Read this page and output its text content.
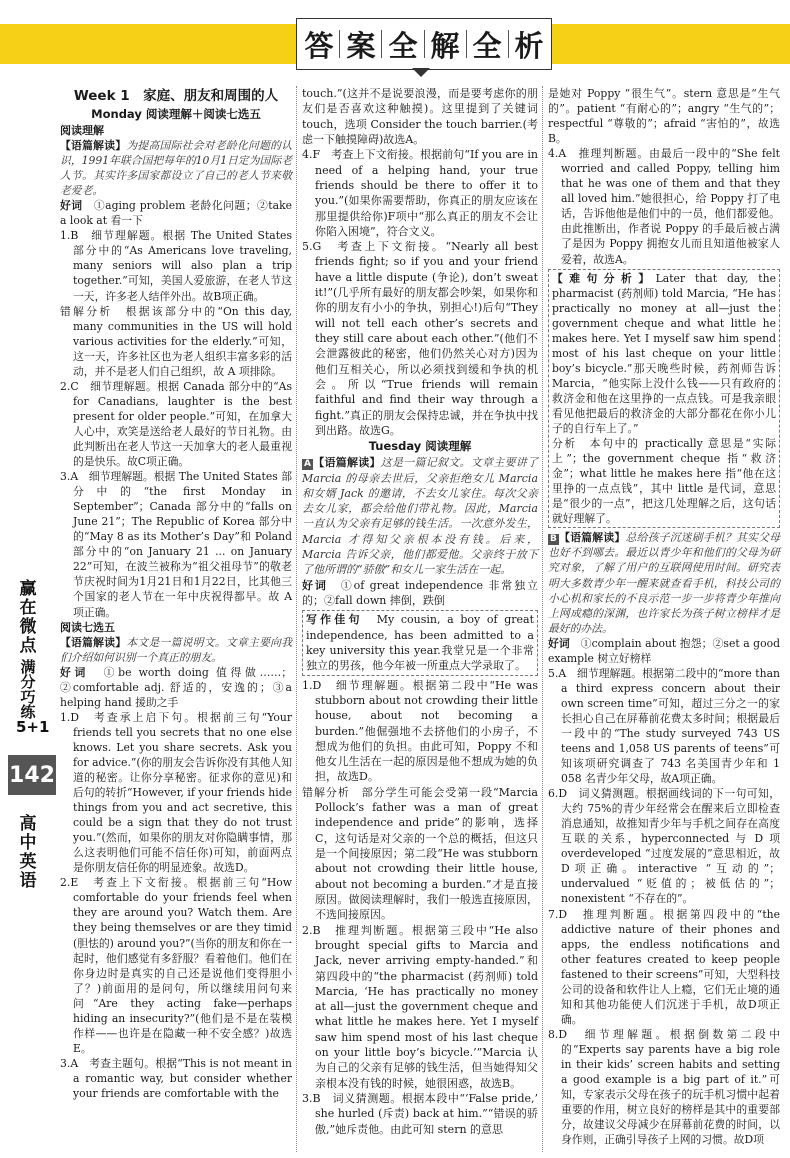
答 案 全 解 全 析
赢在微点
满分巧练5+1
142
高中英语
Week 1　家庭、朋友和周围的人
Monday 阅读理解＋阅读七选五
阅读理解
【语篇解读】为提高国际社会对老龄化问题的认识，1991年联合国把每年的10月1日定为国际老人节。其实许多国家都设立了自己的老人节来敬老爱老。
好词　 ①aging problem 老龄化问题；②take a look at 看一下
1.B　细节理解题。根据 The United States 部分中的“As Americans love traveling, many seniors will also plan a trip together.”可知，美国人爱旅游，在老人节这一天，许多老人结伴外出。故B项正确。
错解分析　根据该部分中的“On this day, many communities in the US will hold various activities for the elderly.”可知，这一天，许多社区也为老人组织丰富多彩的活动，并不是老人们自己组织，故 A 项排除。
2.C　细节理解题。根据 Canada 部分中的“As for Canadians, laughter is the best present for older people.”可知，在加拿大人心中，欢笑是送给老人最好的节日礼物。由此判断出在老人节这一天加拿大的老人最重视的是快乐。故C项正确。
3.A　细节理解题。根据 The United States 部分中的“the first Monday in September”；Canada 部分中的“falls on June 21”；The Republic of Korea 部分中的“May 8 as its Mother’s Day”和 Poland 部分中的“on January 21 ... on January 22”可知，在波兰被称为“祖父祖母节”的敬老节庆祝时间为1月21日和1月22日，比其他三个国家的老人节在一年中庆祝得都早。故 A 项正确。
阅读七选五
【语篇解读】本文是一篇说明文。文章主要向我们介绍如何识别一个真正的朋友。
好词　 ①be worth doing 值得做……；②comfortable adj. 舒适的，安逸的；③a helping hand 援助之手
1.D　考查承上启下句。根据前三句“Your friends tell you secrets that no one else knows. Let you share secrets. Ask you for advice.”(你的朋友会告诉你没有其他人知道的秘密。让你分享秘密。征求你的意见)和后句的转折“However, if your friends hide things from you and act secretive, this could be a sign that they do not trust you.”(然而，如果你的朋友对你隐瞒事情，那么这表明他们可能不信任你)可知，前面两点是你朋友信任你的明显迹象。故选D。
2.E　考查上下文衔接。根据前三句“How comfortable do your friends feel when they are around you? Watch them. Are they being themselves or are they timid (胆怯的) around you?”(当你的朋友和你在一起时，他们感觉有多舒服？看着他们。他们在你身边时是真实的自己还是说他们变得胆小了？)前面用的是问句，所以继续用问句来问“Are they acting fake—perhaps hiding an insecurity?”(他们是不是在装模作样——也许是在隐藏一种不安全感？)故选E。
3.A　考查主题句。根据“This is not meant in a romantic way, but consider whether your friends are comfortable with the
touch.”(这并不是说要浪漫，而是要考虑你的朋友们是否喜欢这种触摸)。这里提到了关键词 touch，选项 Consider the touch barrier.(考虑一下触摸障碍)故选A。
4.F　考查上下文衔接。根据前句“If you are in need of a helping hand, your true friends should be there to offer it to you.”(如果你需要帮助，你真正的朋友应该在那里提供给你)F项中“那么真正的朋友不会让你陷入困境”，符合文义。
5.G　考查上下文衔接。“Nearly all best friends fight; so if you and your friend have a little dispute (争论), don’t sweat it!”(几乎所有最好的朋友都会吵架，如果你和你的朋友有小小的争执，别担心!)后句“They will not tell each other’s secrets and they still care about each other.”(他们不会泄露彼此的秘密，他们仍然关心对方)因为他们互相关心，所以必须找到缓和争执的机会。所以“True friends will remain faithful and find their way through a fight.”真正的朋友会保持忠诚，并在争执中找到出路。故选G。
Tuesday 阅读理解
A 【语篇解读】这是一篇记叙文。文章主要讲了 Marcia 的母亲去世后，父亲拒绝女儿 Marcia 和女婿 Jack 的邀请，不去女儿家住。每次父亲去女儿家，都会给他们带礼物。因此，Marcia 一直认为父亲有足够的钱生活。一次意外发生，Marcia 才得知父亲根本没有钱。后来，Marcia 告诉父亲，他们都爱他。父亲终于放下了他所谓的“骄傲”和女儿一家生活在一起。
好词　 ①of great independence 非常独立的；②fall down 摔倒，跌倒
写作佳句　 My cousin, a boy of great independence, has been admitted to a key university this year.我堂兄是一个非常独立的男孩，他今年被一所重点大学录取了。
1.D　细节理解题。根据第二段中“He was stubborn about not crowding their little house, about not becoming a burden.”他倔强地不去挤他们的小房子，不想成为他们的负担。由此可知，Poppy 不和他女儿生活在一起的原因是他不想成为她的负担，故选D。
错解分析　部分学生可能会受第一段“Marcia Pollock’s father was a man of great independence and pride”的影响，选择C，这句话是对父亲的一个总的概括，但这只是一个间接原因；第二段“He was stubborn about not crowding their little house, about not becoming a burden.”才是直接原因。做阅读理解时，我们一般选直接原因，不选间接原因。
2.B　推理判断题。根据第三段中“He also brought special gifts to Marcia and Jack, never arriving empty-handed.”和第四段中的“the pharmacist (药剂师) told Marcia, ‘He has practically no money at all—just the government cheque and what little he makes here. Yet I myself saw him spend most of his last cheque on your little boy’s bicycle.’”Marcia 认为自己的父亲有足够的钱生活，但当她得知父亲根本没有钱的时候，她很困惑，故选B。
3.B　词义猜测题。根据本段中“‘False pride,’ she hurled (斥责) back at him.”“错误的骄傲,”她斥责他。由此可知 stern 的意思
是她对 Poppy “很生气”。stern 意思是“生气的”。patient “有耐心的”；angry “生气的”；respectful “尊敬的”；afraid “害怕的”，故选B。
4.A　推理判断题。由最后一段中的“She felt worried and called Poppy, telling him that he was one of them and that they all loved him.”她很担心，给 Poppy 打了电话，告诉他他是他们中的一员，他们都爱他。由此推断出，作者说 Poppy 的手最后被占满了是因为 Poppy 拥抱女儿而且知道他被家人爱着，故选A。
【难句分析】Later that day, the pharmacist (药剂师) told Marcia, “He has practically no money at all—just the government cheque and what little he makes here. Yet I myself saw him spend most of his last cheque on your little boy’s bicycle.”那天晚些时候，药剂师告诉 Marcia，“他实际上没什么钱——只有政府的救济金和他在这里挣的一点点钱。可是我亲眼看见他把最后的救济金的大部分都花在你小儿子的自行车上了。”
分析　本句中的 practically 意思是“实际上”；the government cheque 指“救济金”；what little he makes here 指“他在这里挣的一点点钱”，其中 little 是代词，意思是“很少的一点”，把这几处理解之后，这句话就好理解了。
B 【语篇解读】总给孩子沉迷刷手机？其实父母也好不到哪去。最近以青少年和他们的父母为研究对象，了解了用户的互联网使用时间。研究表明大多数青少年一醒来就查看手机，科技公司的小心机和家长的不良示范一步一步将青少年推向上网成瘾的深渊，也许家长为孩子树立榜样才是最好的办法。
好词　 ①complain about 抱怨；②set a good example 树立好榜样
5.A　细节理解题。根据第二段中的“more than a third express concern about their own screen time”可知，超过三分之一的家长担心自己在屏幕前花费太多时间；根据最后一段中的“The study surveyed 743 US teens and 1,058 US parents of teens”可知该项研究调查了 743 名美国青少年和 1 058 名青少年父母，故A项正确。
6.D　词义猜测题。根据画线词的下一句可知，大约 75%的青少年经常会在醒来后立即检查消息通知，故推知青少年与手机之间存在高度互联的关系，hyperconnected 与 D 项 overdeveloped “过度发展的”意思相近，故D项正确。interactive “互动的”；undervalued “贬值的；被低估的”；nonexistent “不存在的”。
7.D　推理判断题。根据第四段中的“the addictive nature of their phones and apps, the endless notifications and other features created to keep people fastened to their screens”可知，大型科技公司的设备和软件让人上瘾，它们无止境的通知和其他功能使人们沉迷于手机，故D项正确。
8.D　细节理解题。根据倒数第二段中的“Experts say parents have a big role in their kids’ screen habits and setting a good example is a big part of it.”可知，专家表示父母在孩子的玩手机习惯中起着重要的作用，树立良好的榜样是其中的重要部分，故建议父母减少在屏幕前花费的时间，以身作则，正确引导孩子上网的习惯。故D项
